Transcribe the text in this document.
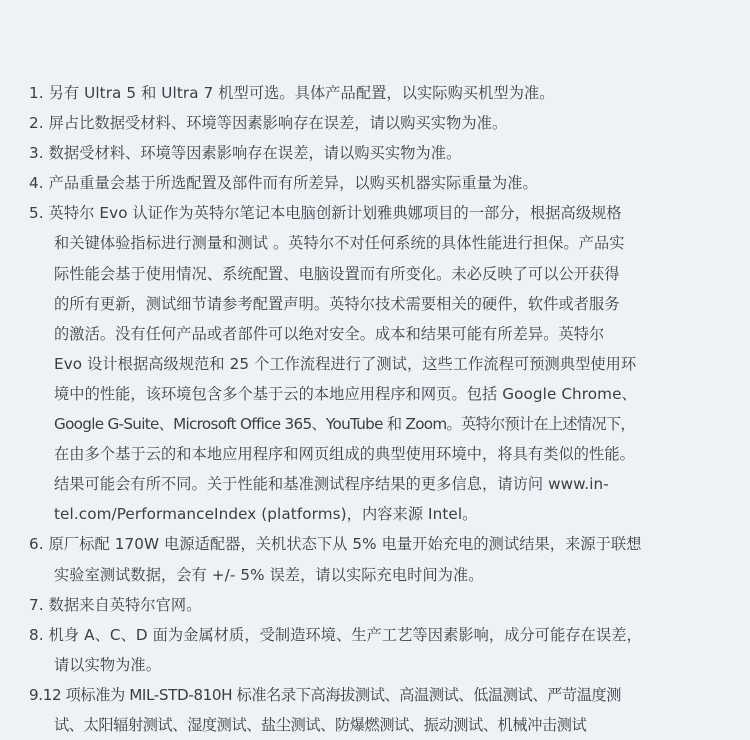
1. 另有 Ultra 5 和 Ultra 7 机型可选。具体产品配置，以实际购买机型为准。
2. 屏占比数据受材料、环境等因素影响存在误差，请以购买实物为准。
3. 数据受材料、环境等因素影响存在误差，请以购买实物为准。
4. 产品重量会基于所选配置及部件而有所差异，以购买机器实际重量为准。
5. 英特尔 Evo 认证作为英特尔笔记本电脑创新计划雅典娜项目的一部分，根据高级规格
和关键体验指标进行测量和测试 。英特尔不对任何系统的具体性能进行担保。产品实
际性能会基于使用情况、系统配置、电脑设置而有所变化。未必反映了可以公开获得
的所有更新，测试细节请参考配置声明。英特尔技术需要相关的硬件，软件或者服务
的激活。没有任何产品或者部件可以绝对安全。成本和结果可能有所差异。英特尔
Evo 设计根据高级规范和 25 个工作流程进行了测试，这些工作流程可预测典型使用环
境中的性能，该环境包含多个基于云的本地应用程序和网页。包括 Google Chrome、
Google G-Suite、Microsoft Office 365、YouTube 和 Zoom。英特尔预计在上述情况下，
在由多个基于云的和本地应用程序和网页组成的典型使用环境中，将具有类似的性能。
结果可能会有所不同。关于性能和基准测试程序结果的更多信息，请访问 www.in-
tel.com/PerformanceIndex (platforms)，内容来源 Intel。
6. 原厂标配 170W 电源适配器，关机状态下从 5% 电量开始充电的测试结果，来源于联想
实验室测试数据，会有 +/- 5% 误差，请以实际充电时间为准。
7. 数据来自英特尔官网。
8. 机身 A、C、D 面为金属材质，受制造环境、生产工艺等因素影响，成分可能存在误差，
请以实物为准。
9.12 项标准为 MIL-STD-810H 标准名录下高海拔测试、高温测试、低温测试、严苛温度测
试、太阳辐射测试、湿度测试、盐尘测试、防爆燃测试、振动测试、机械冲击测试
